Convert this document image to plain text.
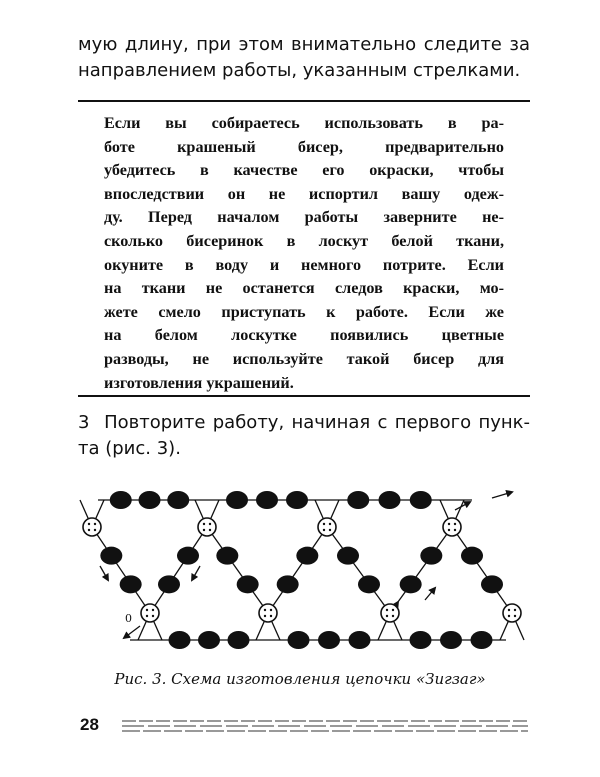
мую длину, при этом внимательно следите за
направлением работы, указанным стрелками.
Если вы собираетесь использовать в ра-
боте крашеный бисер, предварительно
убедитесь в качестве его окраски, чтобы
впоследствии он не испортил вашу одеж-
ду. Перед началом работы заверните не-
сколько бисеринок в лоскут белой ткани,
окуните в воду и немного потрите. Если
на ткани не останется следов краски, мо-
жете смело приступать к работе. Если же
на белом лоскутке появились цветные
разводы, не используйте такой бисер для
изготовления украшений.
3 Повторите работу, начиная с первого пунк-
та (рис. 3).
0
Рис. 3. Схема изготовления цепочки «Зигзаг»
28
